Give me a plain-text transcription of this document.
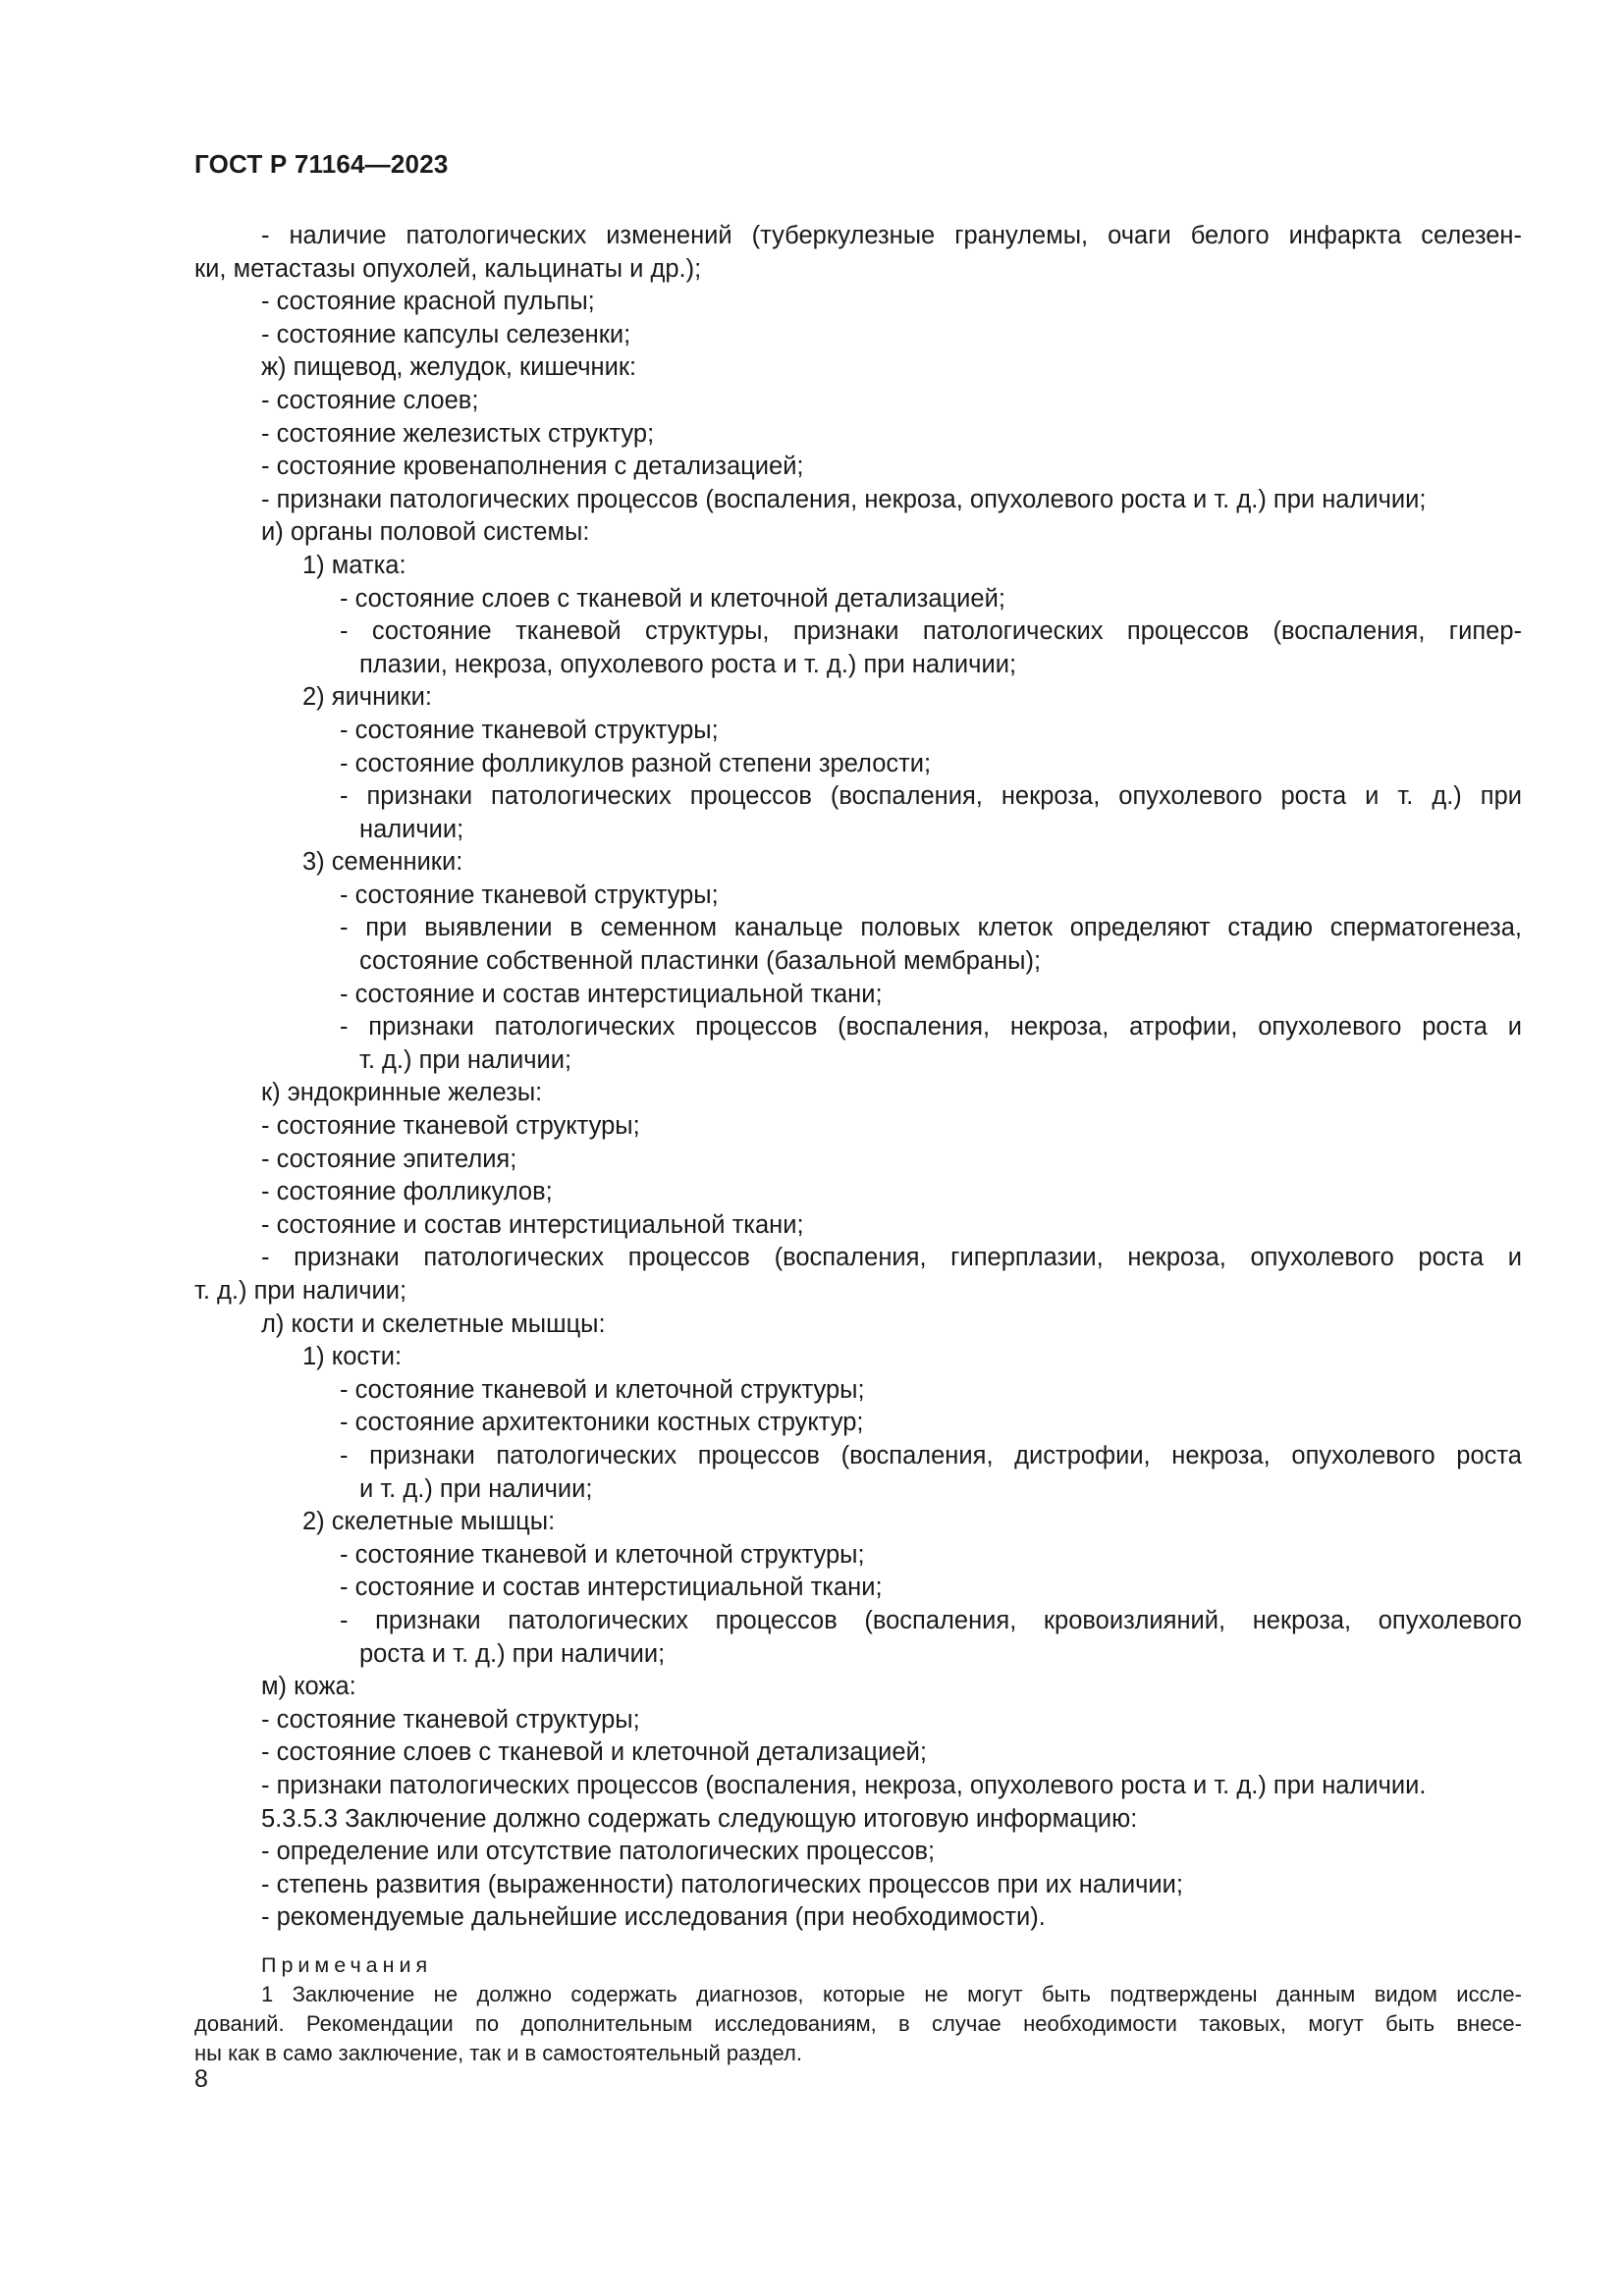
ГОСТ Р 71164—2023
- наличие патологических изменений (туберкулезные гранулемы, очаги белого инфаркта селезен-
ки, метастазы опухолей, кальцинаты и др.);
- состояние красной пульпы;
- состояние капсулы селезенки;
ж) пищевод, желудок, кишечник:
- состояние слоев;
- состояние железистых структур;
- состояние кровенаполнения с детализацией;
- признаки патологических процессов (воспаления, некроза, опухолевого роста и т. д.) при наличии;
и) органы половой системы:
1) матка:
- состояние слоев с тканевой и клеточной детализацией;
- состояние тканевой структуры, признаки патологических процессов (воспаления, гипер-
плазии, некроза, опухолевого роста и т. д.) при наличии;
2) яичники:
- состояние тканевой структуры;
- состояние фолликулов разной степени зрелости;
- признаки патологических процессов (воспаления, некроза, опухолевого роста и т. д.) при
наличии;
3) семенники:
- состояние тканевой структуры;
- при выявлении в семенном канальце половых клеток определяют стадию сперматогенеза,
состояние собственной пластинки (базальной мембраны);
- состояние и состав интерстициальной ткани;
- признаки патологических процессов (воспаления, некроза, атрофии, опухолевого роста и
т. д.) при наличии;
к) эндокринные железы:
- состояние тканевой структуры;
- состояние эпителия;
- состояние фолликулов;
- состояние и состав интерстициальной ткани;
- признаки патологических процессов (воспаления, гиперплазии, некроза, опухолевого роста и
т. д.) при наличии;
л) кости и скелетные мышцы:
1) кости:
- состояние тканевой и клеточной структуры;
- состояние архитектоники костных структур;
- признаки патологических процессов (воспаления, дистрофии, некроза, опухолевого роста
и т. д.) при наличии;
2) скелетные мышцы:
- состояние тканевой и клеточной структуры;
- состояние и состав интерстициальной ткани;
- признаки патологических процессов (воспаления, кровоизлияний, некроза, опухолевого
роста и т. д.) при наличии;
м) кожа:
- состояние тканевой структуры;
- состояние слоев с тканевой и клеточной детализацией;
- признаки патологических процессов (воспаления, некроза, опухолевого роста и т. д.) при наличии.
5.3.5.3 Заключение должно содержать следующую итоговую информацию:
- определение или отсутствие патологических процессов;
- степень развития (выраженности) патологических процессов при их наличии;
- рекомендуемые дальнейшие исследования (при необходимости).
Примечания
1 Заключение не должно содержать диагнозов, которые не могут быть подтверждены данным видом иссле-
дований. Рекомендации по дополнительным исследованиям, в случае необходимости таковых, могут быть внесе-
ны как в само заключение, так и в самостоятельный раздел.
8
